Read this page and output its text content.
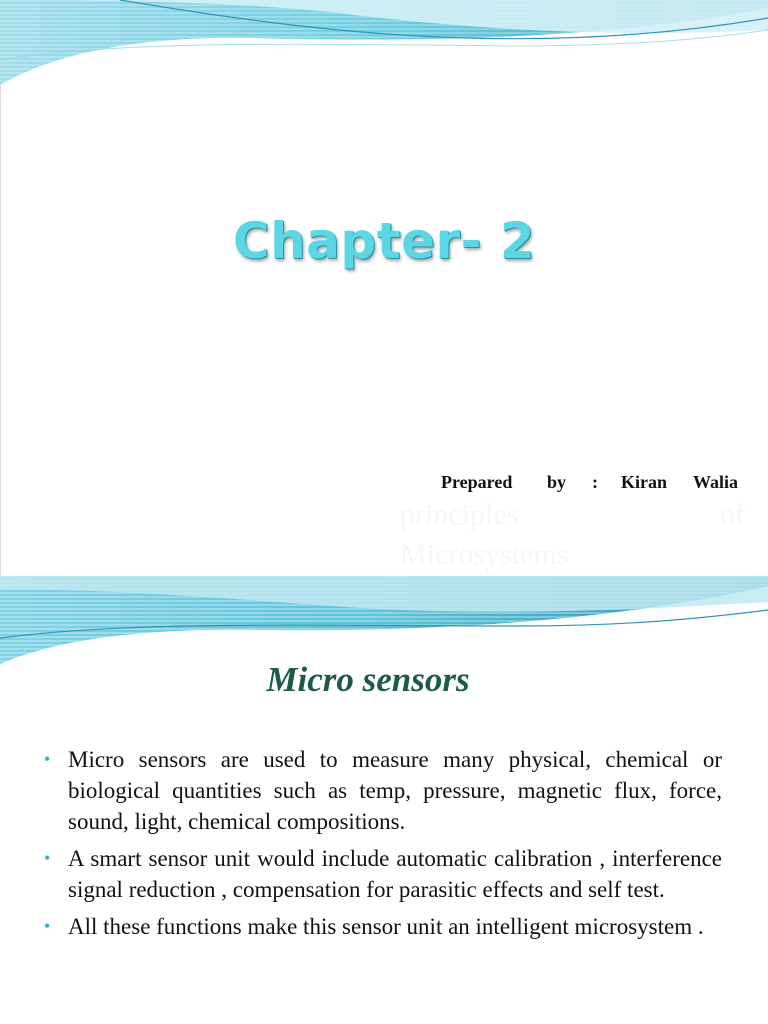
Chapter- 2
principles	of
Microsystems
Prepared by : Kiran Walia
Micro sensors
• Micro sensors are used to measure many physical, chemical or biological quantities such as temp, pressure, magnetic flux, force, sound, light, chemical compositions.
• A smart sensor unit would include automatic calibration , interference signal reduction , compensation for parasitic effects and self test.
• All these functions make this sensor unit an intelligent microsystem .
